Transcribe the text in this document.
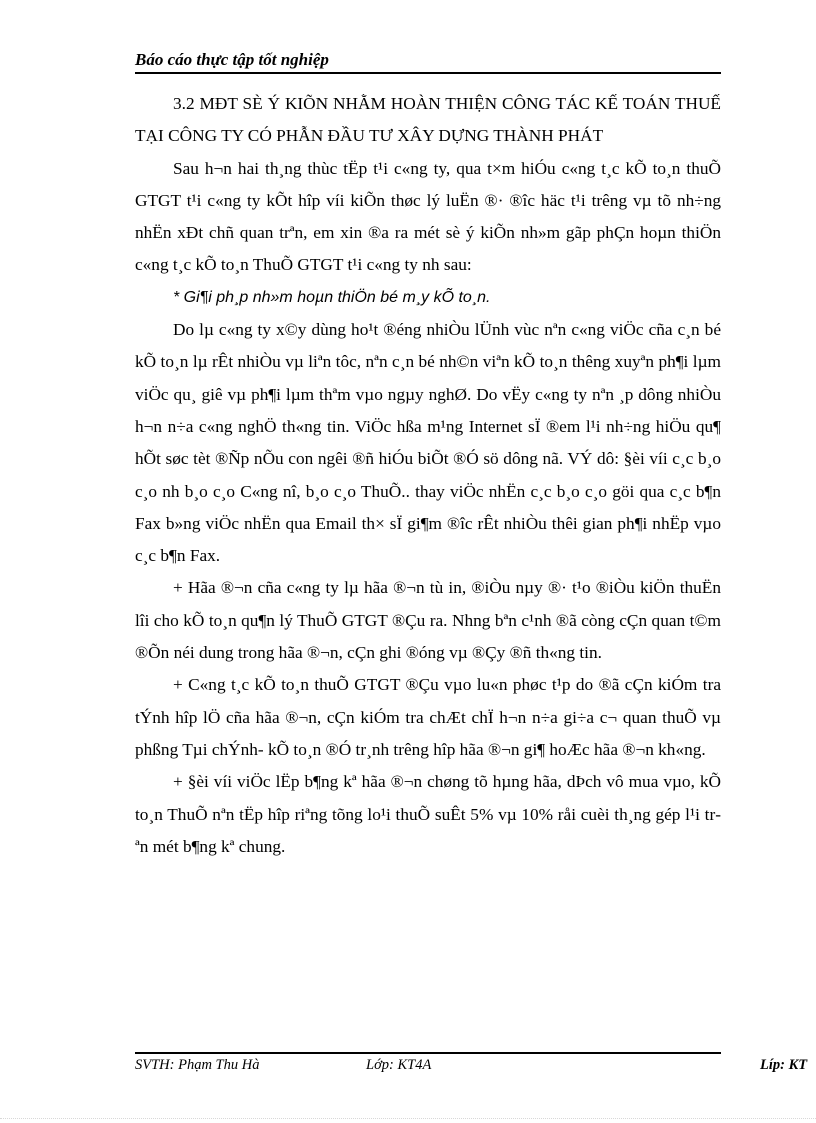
Báo cáo thực tập tốt nghiệp

3.2 MÐT SÈ Ý KIÕN NHẰM HOÀN THIỆN CÔNG TÁC KẾ TOÁN THUẾ TẠI CÔNG TY CÓ PHẪN ĐẦU TƯ XÂY DỰNG THÀNH PHÁT

Sau h¬n hai th¸ng thùc tËp t¹i c«ng ty, qua t×m hiÓu c«ng t¸c kÕ to¸n thuÕ GTGT t¹i c«ng ty kÕt hîp víi kiÕn thøc lý luËn ®· ®îc häc t¹i trêng vµ tõ nh÷ng nhËn xÐt chñ quan trªn, em xin ®a ra mét sè ý kiÕn nh»m gãp phÇn hoµn thiÖn c«ng t¸c kÕ to¸n ThuÕ GTGT t¹i c«ng ty nh sau:

* Gi¶i ph¸p nh»m hoµn thiÖn bé m¸y kÕ to¸n.

Do lµ c«ng ty x©y dùng ho¹t ®éng nhiÒu lÜnh vùc nªn c«ng viÖc cña c¸n bé kÕ to¸n lµ rÊt nhiÒu vµ liªn tôc, nªn c¸n bé nh©n viªn kÕ to¸n thêng xuyªn ph¶i lµm viÖc qu¸ giê vµ ph¶i lµm thªm vµo ngµy nghØ. Do vËy c«ng ty nªn ¸p dông nhiÒu h¬n n÷a c«ng nghÖ th«ng tin. ViÖc hßa m¹ng Internet sÏ ®em l¹i nh÷ng hiÖu qu¶ hÕt søc tèt ®Ñp nÕu con ngêi ®ñ hiÓu biÕt ®Ó sö dông nã. VÝ dô: §èi víi c¸c b¸o c¸o nh b¸o c¸o C«ng nî, b¸o c¸o ThuÕ.. thay viÖc nhËn c¸c b¸o c¸o göi qua c¸c b¶n Fax b»ng viÖc nhËn qua Email th× sÏ gi¶m ®îc rÊt nhiÒu thêi gian ph¶i nhËp vµo c¸c b¶n Fax.

+ Hãa ®¬n cña c«ng ty lµ hãa ®¬n tù in, ®iÒu nµy ®· t¹o ®iÒu kiÖn thuËn lîi cho kÕ to¸n qu¶n lý ThuÕ GTGT ®Çu ra. Nhng bªn c¹nh ®ã còng cÇn quan t©m ®Õn néi dung trong hãa ®¬n, cÇn ghi ®óng vµ ®Çy ®ñ th«ng tin.

+ C«ng t¸c kÕ to¸n thuÕ GTGT ®Çu vµo lu«n phøc t¹p do ®ã cÇn kiÓm tra tÝnh hîp lÖ cña hãa ®¬n, cÇn kiÓm tra chÆt chÏ h¬n n÷a gi÷a c¬ quan thuÕ vµ phßng Tµi chÝnh- kÕ to¸n ®Ó tr¸nh trêng hîp hãa ®¬n gi¶ hoÆc hãa ®¬n kh«ng.

+ §èi víi viÖc lËp b¶ng kª hãa ®¬n chøng tõ hµng hãa, dÞch vô mua vµo, kÕ to¸n ThuÕ nªn tËp hîp riªng tõng lo¹i thuÕ suÊt 5% vµ 10% råi cuèi th¸ng gép l¹i trªn mét b¶ng kª chung.

SVTH: Phạm Thu Hà	Lớp: KT4A	Líp: KT
